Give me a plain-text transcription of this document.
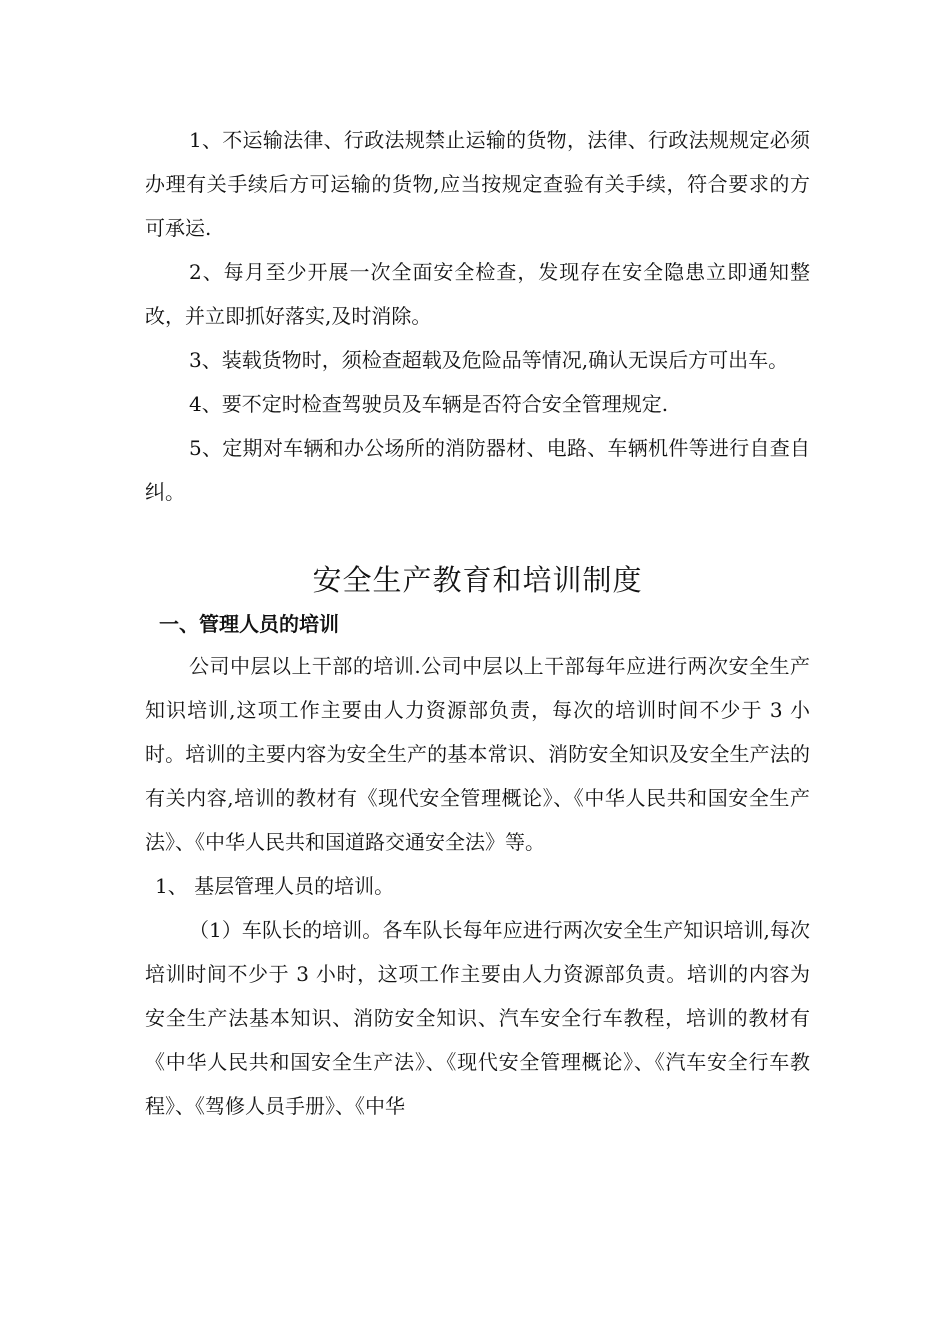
1、不运输法律、行政法规禁止运输的货物，法律、行政法规规定必须办理有关手续后方可运输的货物,应当按规定查验有关手续，符合要求的方可承运.

2、每月至少开展一次全面安全检查，发现存在安全隐患立即通知整改，并立即抓好落实,及时消除。

3、装载货物时，须检查超载及危险品等情况,确认无误后方可出车。

4、要不定时检查驾驶员及车辆是否符合安全管理规定.

5、定期对车辆和办公场所的消防器材、电路、车辆机件等进行自查自纠。

安全生产教育和培训制度
一、管理人员的培训

公司中层以上干部的培训.公司中层以上干部每年应进行两次安全生产知识培训,这项工作主要由人力资源部负责，每次的培训时间不少于 3 小时。培训的主要内容为安全生产的基本常识、消防安全知识及安全生产法的有关内容,培训的教材有《现代安全管理概论》、《中华人民共和国安全生产法》、《中华人民共和国道路交通安全法》等。

1、 基层管理人员的培训。

（1）车队长的培训。各车队长每年应进行两次安全生产知识培训,每次培训时间不少于 3 小时，这项工作主要由人力资源部负责。培训的内容为安全生产法基本知识、消防安全知识、汽车安全行车教程，培训的教材有《中华人民共和国安全生产法》、《现代安全管理概论》、《汽车安全行车教程》、《驾修人员手册》、《中华
